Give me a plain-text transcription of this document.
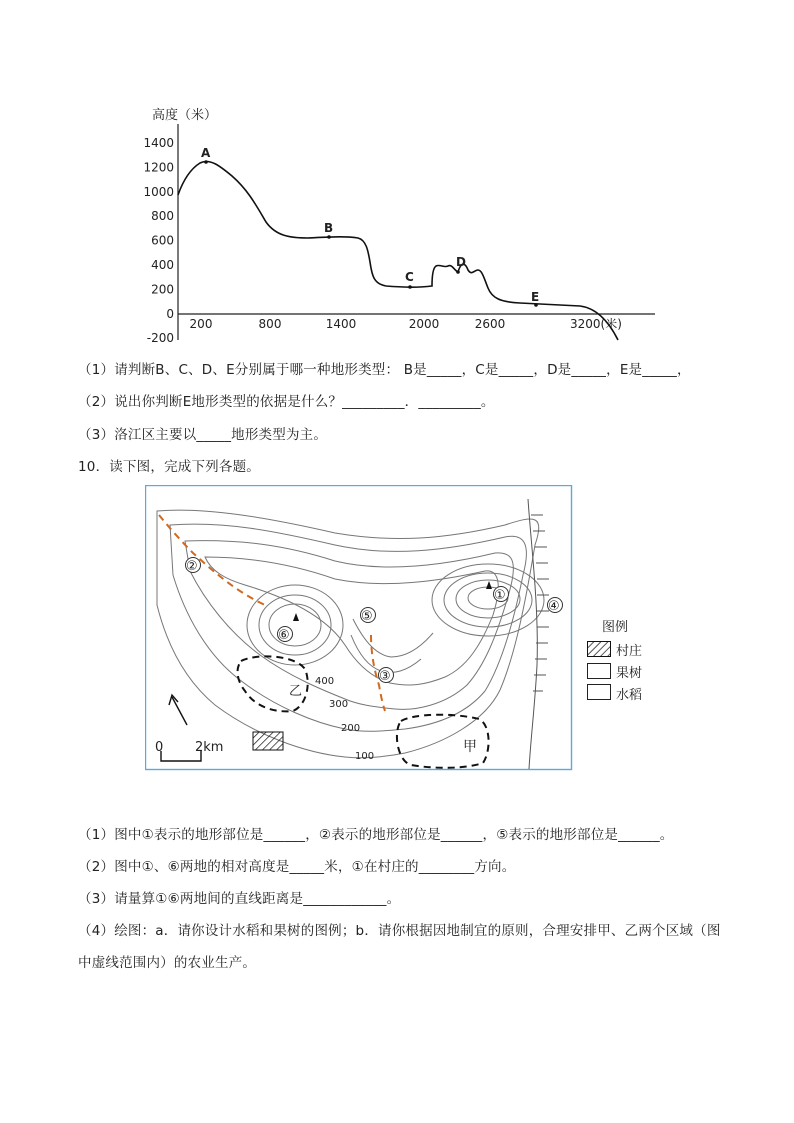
高度（米）
1400
1200
1000
800
600
400
200
0
-200
200	800	1400	2000	2600	3200(米)
A
B
C
D
E
（1）请判断B、C、D、E分别属于哪一种地形类型： B是_____，C是_____，D是_____，E是_____，
（2）说出你判断E地形类型的依据是什么？_________．_________。
（3）洛江区主要以_____地形类型为主。
10．读下图，完成下列各题。
①
②
③
④
⑤
⑥
400
300
200
100
乙
甲
0 2km
图例
村庄
果树
水稻
（1）图中①表示的地形部位是______，②表示的地形部位是______，⑤表示的地形部位是______。
（2）图中①、⑥两地的相对高度是_____米，①在村庄的________方向。
（3）请量算①⑥两地间的直线距离是____________。
（4）绘图：a．请你设计水稻和果树的图例；b．请你根据因地制宜的原则，合理安排甲、乙两个区域（图
中虚线范围内）的农业生产。
